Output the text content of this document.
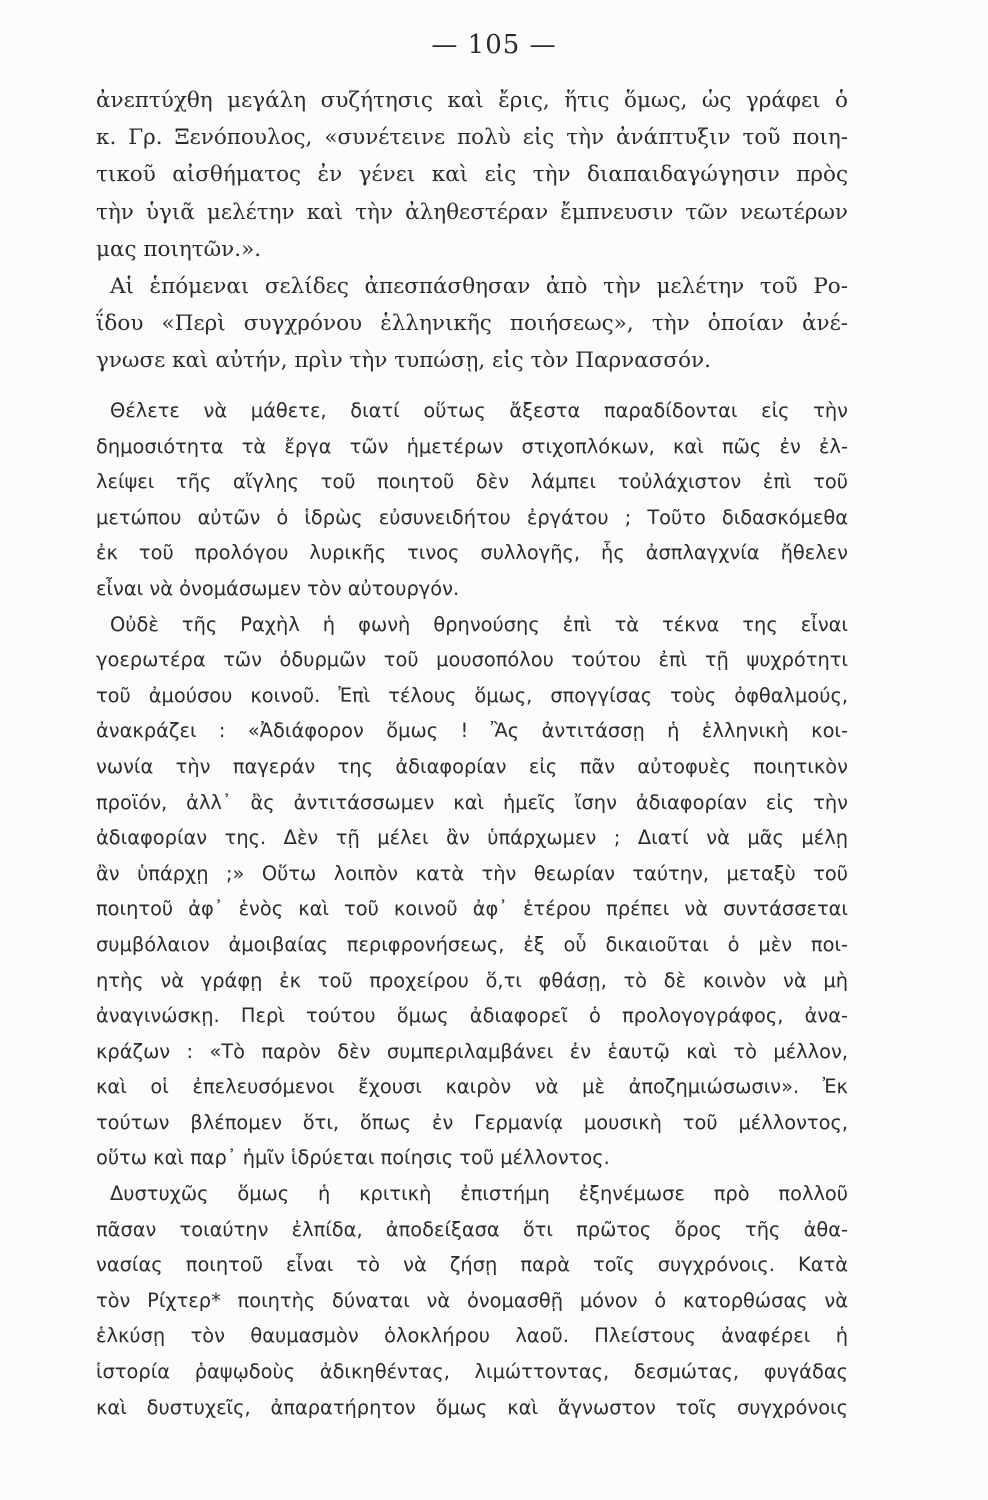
— 105 —
ἀνεπτύχθη μεγάλη συζήτησις καὶ ἔρις, ἥτις ὅμως, ὡς γράφει ὁ
κ. Γρ. Ξενόπουλος, «συνέτεινε πολὺ εἰς τὴν ἀνάπτυξιν τοῦ ποιη-
τικοῦ αἰσθήματος ἐν γένει καὶ εἰς τὴν διαπαιδαγώγησιν πρὸς
τὴν ὑγιᾶ μελέτην καὶ τὴν ἀληθεστέραν ἔμπνευσιν τῶν νεωτέρων
μας ποιητῶν.».
Αἱ ἑπόμεναι σελίδες ἀπεσπάσθησαν ἀπὸ τὴν μελέτην τοῦ Ρο-
ΐδου «Περὶ συγχρόνου ἑλληνικῆς ποιήσεως», τὴν ὁποίαν ἀνέ-
γνωσε καὶ αὐτήν, πρὶν τὴν τυπώσῃ, εἰς τὸν Παρνασσόν.
Θέλετε νὰ μάθετε, διατί οὕτως ἄξεστα παραδίδονται εἰς τὴν
δημοσιότητα τὰ ἔργα τῶν ἡμετέρων στιχοπλόκων, καὶ πῶς ἐν ἐλ-
λείψει τῆς αἴγλης τοῦ ποιητοῦ δὲν λάμπει τοὐλάχιστον ἐπὶ τοῦ
μετώπου αὐτῶν ὁ ἱδρὼς εὐσυνειδήτου ἐργάτου ; Τοῦτο διδασκόμεθα
ἐκ τοῦ προλόγου λυρικῆς τινος συλλογῆς, ἧς ἀσπλαγχνία ἤθελεν
εἶναι νὰ ὀνομάσωμεν τὸν αὐτουργόν.
Οὐδὲ τῆς Ραχὴλ ἡ φωνὴ θρηνούσης ἐπὶ τὰ τέκνα της εἶναι
γοερωτέρα τῶν ὀδυρμῶν τοῦ μουσοπόλου τούτου ἐπὶ τῇ ψυχρότητι
τοῦ ἀμούσου κοινοῦ. Ἐπὶ τέλους ὅμως, σπογγίσας τοὺς ὀφθαλμούς,
ἀνακράζει : «Ἀδιάφορον ὅμως ! Ἂς ἀντιτάσσῃ ἡ ἑλληνικὴ κοι-
νωνία τὴν παγεράν της ἀδιαφορίαν εἰς πᾶν αὐτοφυὲς ποιητικὸν
προϊόν, ἀλλ᾽ ἂς ἀντιτάσσωμεν καὶ ἡμεῖς ἴσην ἀδιαφορίαν εἰς τὴν
ἀδιαφορίαν της. Δὲν τῇ μέλει ἂν ὑπάρχωμεν ; Διατί νὰ μᾶς μέλῃ
ἂν ὑπάρχῃ ;» Οὕτω λοιπὸν κατὰ τὴν θεωρίαν ταύτην, μεταξὺ τοῦ
ποιητοῦ ἀφ᾽ ἑνὸς καὶ τοῦ κοινοῦ ἀφ᾽ ἑτέρου πρέπει νὰ συντάσσεται
συμβόλαιον ἀμοιβαίας περιφρονήσεως, ἐξ οὗ δικαιοῦται ὁ μὲν ποι-
ητὴς νὰ γράφῃ ἐκ τοῦ προχείρου ὅ,τι φθάσῃ, τὸ δὲ κοινὸν νὰ μὴ
ἀναγινώσκῃ. Περὶ τούτου ὅμως ἀδιαφορεῖ ὁ προλογογράφος, ἀνα-
κράζων : «Τὸ παρὸν δὲν συμπεριλαμβάνει ἐν ἑαυτῷ καὶ τὸ μέλλον,
καὶ οἱ ἐπελευσόμενοι ἔχουσι καιρὸν νὰ μὲ ἀποζημιώσωσιν». Ἐκ
τούτων βλέπομεν ὅτι, ὅπως ἐν Γερμανίᾳ μουσικὴ τοῦ μέλλοντος,
οὕτω καὶ παρ᾽ ἡμῖν ἱδρύεται ποίησις τοῦ μέλλοντος.
Δυστυχῶς ὅμως ἡ κριτικὴ ἐπιστήμη ἐξηνέμωσε πρὸ πολλοῦ
πᾶσαν τοιαύτην ἐλπίδα, ἀποδείξασα ὅτι πρῶτος ὅρος τῆς ἀθα-
νασίας ποιητοῦ εἶναι τὸ νὰ ζήσῃ παρὰ τοῖς συγχρόνοις. Κατὰ
τὸν Ρίχτερ* ποιητὴς δύναται νὰ ὀνομασθῇ μόνον ὁ κατορθώσας νὰ
ἑλκύσῃ τὸν θαυμασμὸν ὁλοκλήρου λαοῦ. Πλείστους ἀναφέρει ἡ
ἱστορία ῥαψῳδοὺς ἀδικηθέντας, λιμώττοντας, δεσμώτας, φυγάδας
καὶ δυστυχεῖς, ἀπαρατήρητον ὅμως καὶ ἄγνωστον τοῖς συγχρόνοις
